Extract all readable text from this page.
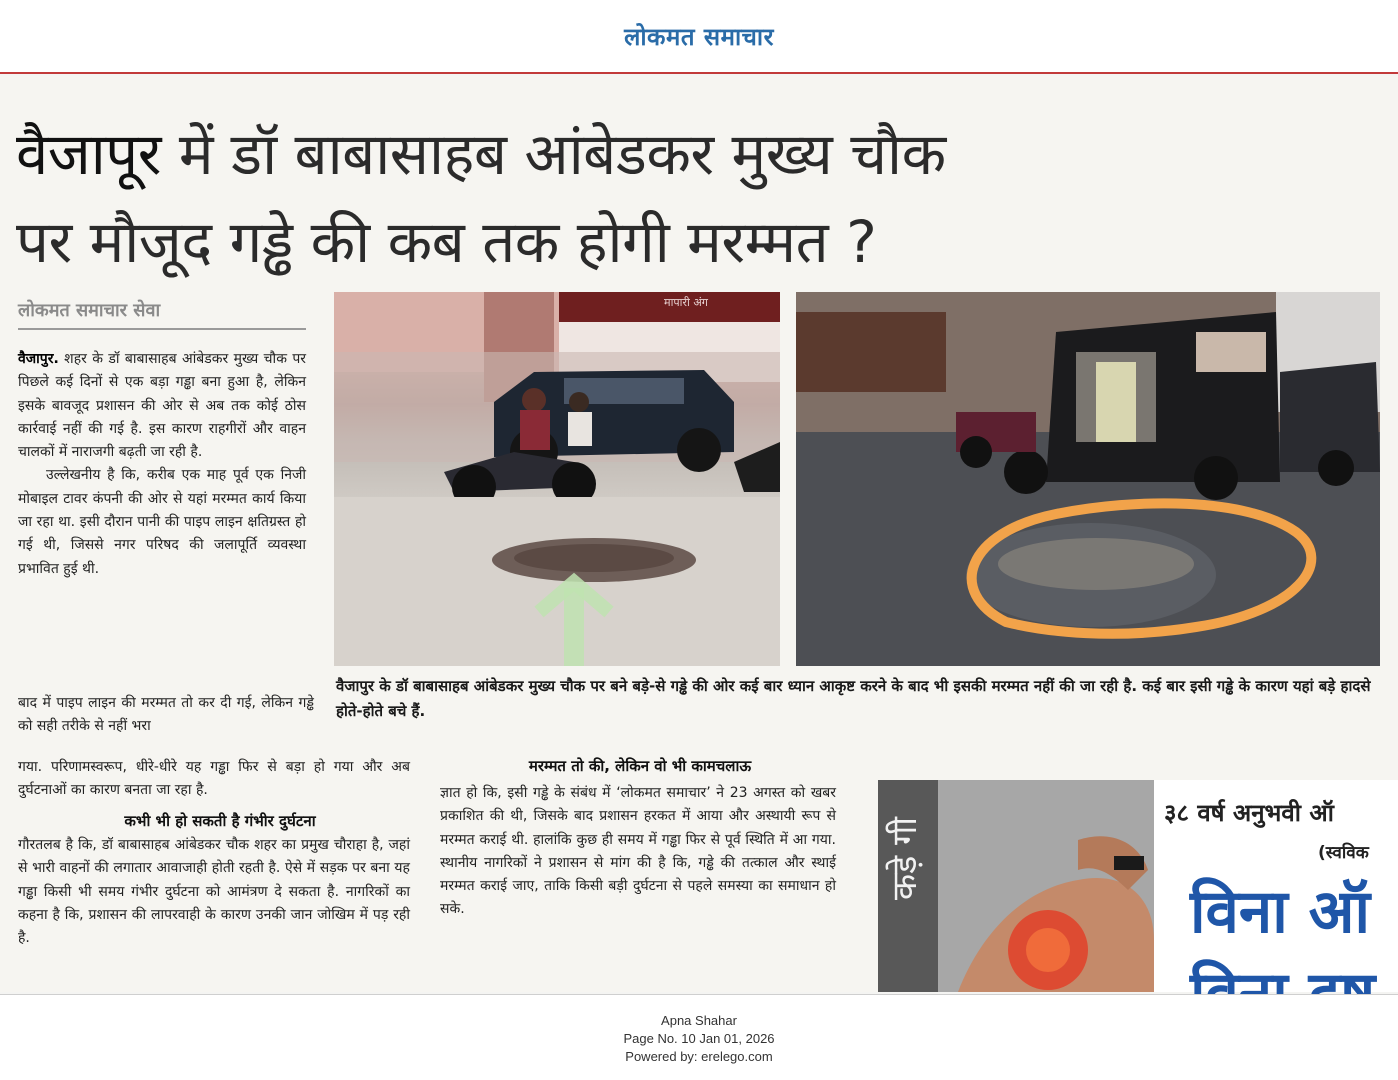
लोकमत समाचार
वैजापूर में डॉ बाबासाहब आंबेडकर मुख्य चौक
पर मौजूद गड्ढे की कब तक होगी मरम्मत ?
लोकमत समाचार सेवा

वैजापुर. शहर के डॉ बाबासाहब आंबेडकर मुख्य चौक पर पिछले कई दिनों से एक बड़ा गड्ढा बना हुआ है, लेकिन इसके बावजूद प्रशासन की ओर से अब तक कोई ठोस कार्रवाई नहीं की गई है. इस कारण राहगीरों और वाहन चालकों में नाराजगी बढ़ती जा रही है.

उल्लेखनीय है कि, करीब एक माह पूर्व एक निजी मोबाइल टावर कंपनी की ओर से यहां मरम्मत कार्य किया जा रहा था. इसी दौरान पानी की पाइप लाइन क्षतिग्रस्त हो गई थी, जिससे नगर परिषद की जलापूर्ति व्यवस्था प्रभावित हुई थी.

बाद में पाइप लाइन की मरम्मत तो कर दी गई, लेकिन गड्ढे को सही तरीके से नहीं भरा
गया. परिणामस्वरूप, धीरे-धीरे यह गड्ढा फिर से बड़ा हो गया और अब दुर्घटनाओं का कारण बनता जा रहा है.
कभी भी हो सकती है गंभीर दुर्घटना
गौरतलब है कि, डॉ बाबासाहब आंबेडकर चौक शहर का प्रमुख चौराहा है, जहां से भारी वाहनों की लगातार आवाजाही होती रहती है. ऐसे में सड़क पर बना यह गड्ढा किसी भी समय गंभीर दुर्घटना को आमंत्रण दे सकता है. नागरिकों का कहना है कि, प्रशासन की लापरवाही के कारण उनकी जान जोखिम में पड़ रही है.
मापारी अंग
वैजापुर के डॉ बाबासाहब आंबेडकर मुख्य चौक पर बने बड़े-से गड्ढे की ओर कई बार ध्यान आकृष्ट करने के बाद भी इसकी मरम्मत नहीं की जा रही है. कई बार इसी गड्ढे के कारण यहां बड़े हादसे होते-होते बचे हैं.
मरम्मत तो की, लेकिन वो भी कामचलाऊ
ज्ञात हो कि, इसी गड्ढे के संबंध में ‘लोकमत समाचार’ ने 23 अगस्त को खबर प्रकाशित की थी, जिसके बाद प्रशासन हरकत में आया और अस्थायी रूप से मरम्मत कराई थी. हालांकि कुछ ही समय में गड्ढा फिर से पूर्व स्थिति में आ गया. स्थानीय नागरिकों ने प्रशासन से मांग की है कि, गड्ढे की तत्काल और स्थाई मरम्मत कराई जाए, ताकि किसी बड़ी दुर्घटना से पहले समस्या का समाधान हो सके.
कड़े गी
३८ वर्ष अनुभवी ऑ
(स्वविक
विना ऑ
Apna Shahar
Page No. 10 Jan 01, 2026
Powered by: erelego.com
